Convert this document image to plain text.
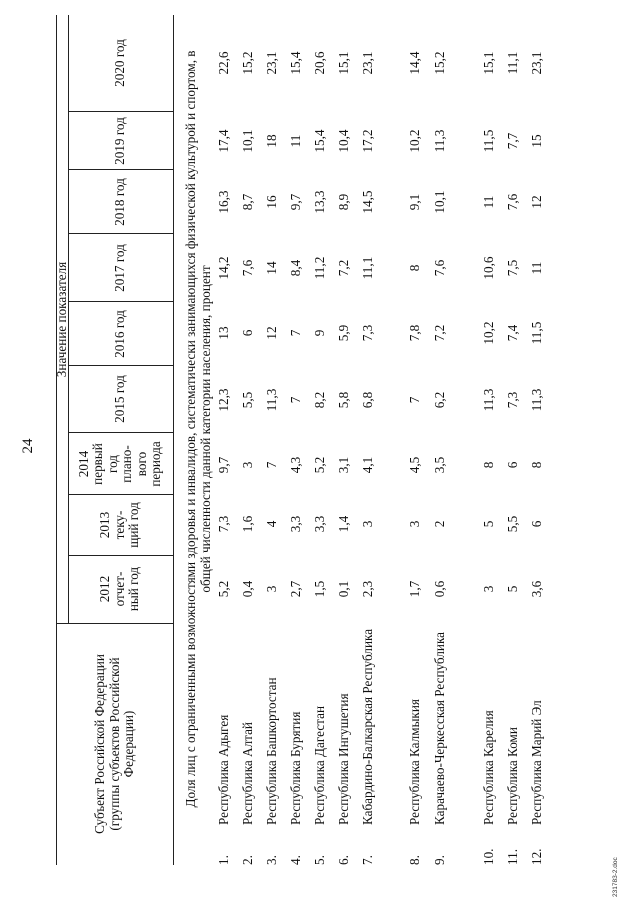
24
Субъект Российской Федерации (группы субъектов Российской Федерации)
Значение показателя
2012 отчет-ный год
2013 теку-щий год
2014 первый год плано-вого периода
2015 год
2016 год
2017 год
2018 год
2019 год
2020 год	Доля лиц с ограниченными возможностями здоровья и инвалидов, систематически занимающихся физической культурой и спортом, в общей численности данной категории населения, процент
1.
Республика Адыгея
5,2
7,3
9,7
12,3
13
14,2
16,3
17,4
22,6
2.
Республика Алтай
0,4
1,6
3
5,5
6
7,6
8,7
10,1
15,2
3.
Республика Башкортостан
3
4
7
11,3
12
14
16
18
23,1
4.
Республика Бурятия
2,7
3,3
4,3
7
7
8,4
9,7
11
15,4
5.
Республика Дагестан
1,5
3,3
5,2
8,2
9
11,2
13,3
15,4
20,6
6.
Республика Ингушетия
0,1
1,4
3,1
5,8
5,9
7,2
8,9
10,4
15,1
7.
Кабардино-Балкарская Республика
2,3
3
4,1
6,8
7,3
11,1
14,5
17,2
23,1
8.
Республика Калмыкия
1,7
3
4,5
7
7,8
8
9,1
10,2
14,4
9.
Карачаево-Черкесская Республика
0,6
2
3,5
6,2
7,2
7,6
10,1
11,3
15,2
10.
Республика Карелия
3
5
8
11,3
10,2
10,6
11
11,5
15,1
11.
Республика Коми
5
5,5
6
7,3
7,4
7,5
7,6
7,7
11,1
12.
Республика Марий Эл
3,6
6
8
11,3
11,5
11
12
15
23,1
231783-2.doc
